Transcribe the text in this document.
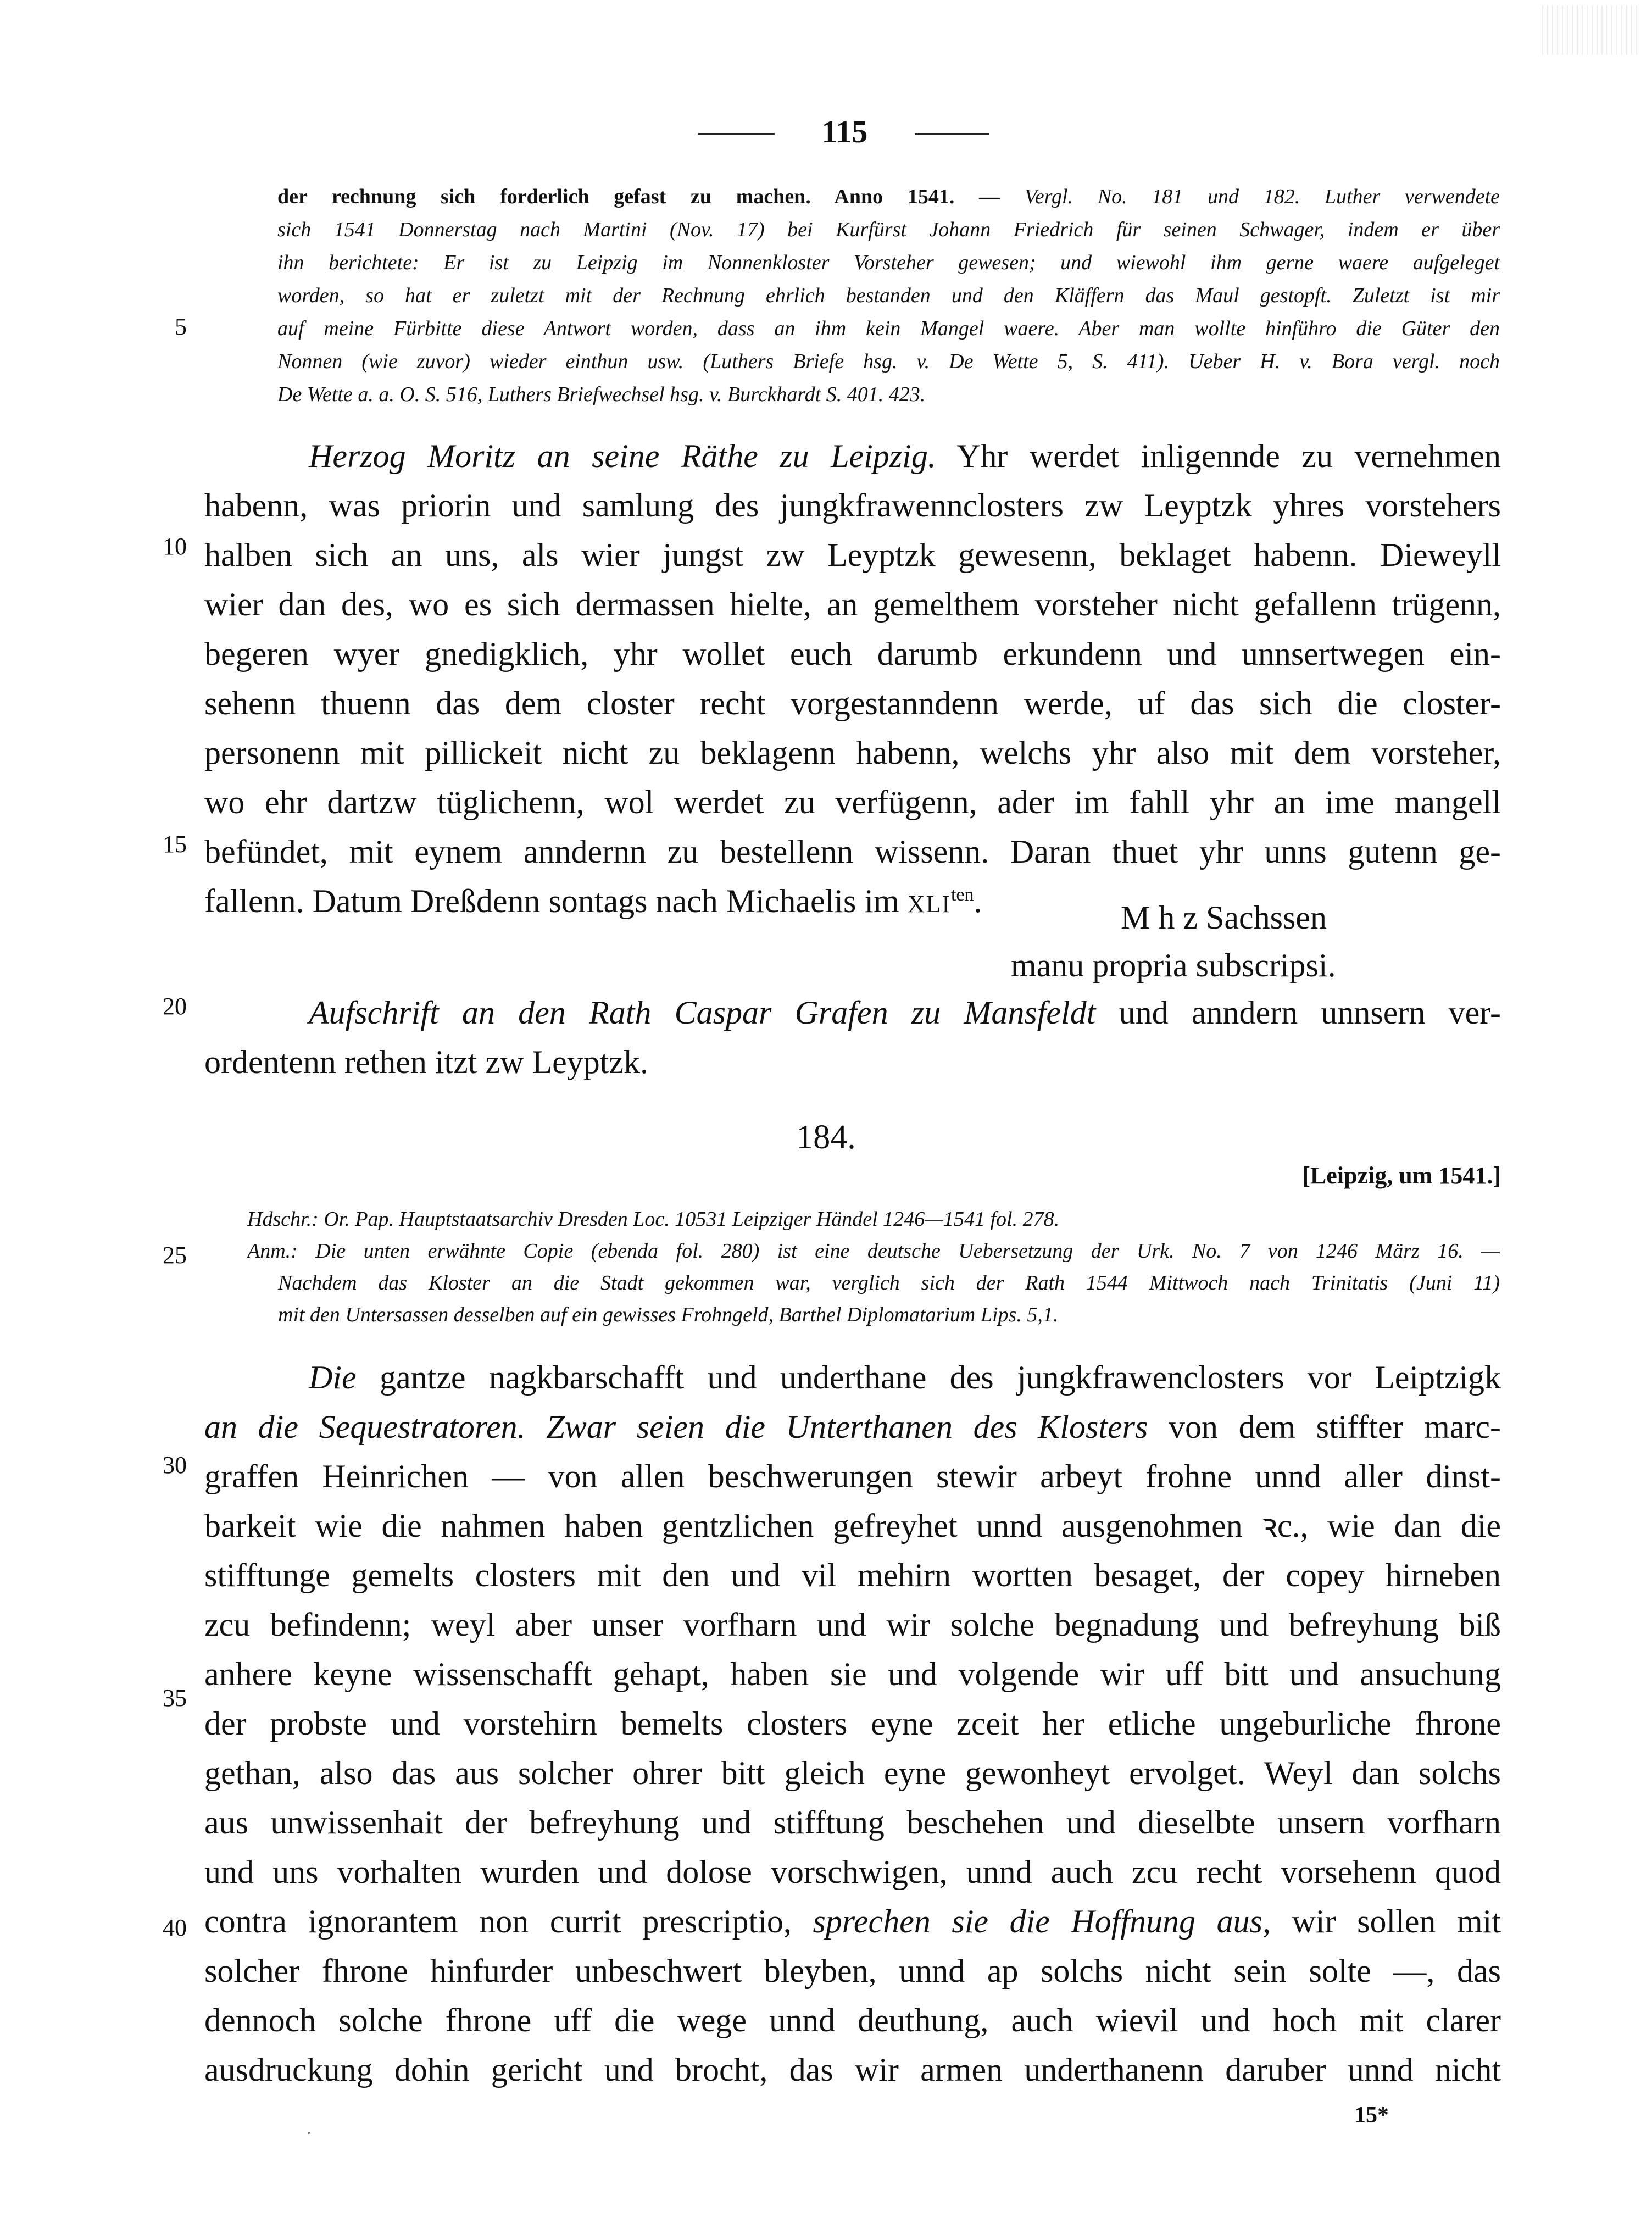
115
5
10
15
20
25
30
35
40

der rechnung sich forderlich gefast zu machen. Anno 1541. — Vergl. No. 181 und 182. Luther verwendete

sich 1541 Donnerstag nach Martini (Nov. 17) bei Kurfürst Johann Friedrich für seinen Schwager, indem er über

ihn berichtete: Er ist zu Leipzig im Nonnenkloster Vorsteher gewesen; und wiewohl ihm gerne waere aufgeleget

worden, so hat er zuletzt mit der Rechnung ehrlich bestanden und den Kläffern das Maul gestopft. Zuletzt ist mir

auf meine Fürbitte diese Antwort worden, dass an ihm kein Mangel waere. Aber man wollte hinführo die Güter den

Nonnen (wie zuvor) wieder einthun usw. (Luthers Briefe hsg. v. De Wette 5, S. 411). Ueber H. v. Bora vergl. noch

De Wette a. a. O. S. 516, Luthers Briefwechsel hsg. v. Burckhardt S. 401. 423.

Herzog Moritz an seine Räthe zu Leipzig. Yhr werdet inligennde zu vernehmen

habenn, was priorin und samlung des jungkfrawennclosters zw Leyptzk yhres vorstehers

halben sich an uns, als wier jungst zw Leyptzk gewesenn, beklaget habenn. Dieweyll

wier dan des, wo es sich dermassen hielte, an gemelthem vorsteher nicht gefallenn trügenn,

begeren wyer gnedigklich, yhr wollet euch darumb erkundenn und unnsertwegen ein-

sehenn thuenn das dem closter recht vorgestanndenn werde, uf das sich die closter-

personenn mit pillickeit nicht zu beklagenn habenn, welchs yhr also mit dem vorsteher,

wo ehr dartzw tüglichenn, wol werdet zu verfügenn, ader im fahll yhr an ime mangell

befündet, mit eynem anndernn zu bestellenn wissenn. Daran thuet yhr unns gutenn ge-

fallenn. Datum Dreßdenn sontags nach Michaelis im $XLI^{ten}$.	M h z Sachssen
manu propria subscripsi.

Aufschrift an den Rath Caspar Grafen zu Mansfeldt und anndern unnsern ver-

ordentenn rethen itzt zw Leyptzk.

184.
[Leipzig, um 1541.]

Hdschr.: Or. Pap. Hauptstaatsarchiv Dresden Loc. 10531 Leipziger Händel 1246—1541 fol. 278.

Anm.: Die unten erwähnte Copie (ebenda fol. 280) ist eine deutsche Uebersetzung der Urk. No. 7 von 1246 März 16. —

Nachdem das Kloster an die Stadt gekommen war, verglich sich der Rath 1544 Mittwoch nach Trinitatis (Juni 11)

mit den Untersassen desselben auf ein gewisses Frohngeld, Barthel Diplomatarium Lips. 5,1.

Die gantze nagkbarschafft und underthane des jungkfrawenclosters vor Leiptzigk

an die Sequestratoren. Zwar seien die Unterthanen des Klosters von dem stiffter marc-

graffen Heinrichen — von allen beschwerungen stewir arbeyt frohne unnd aller dinst-

barkeit wie die nahmen haben gentzlichen gefreyhet unnd ausgenohmen ꝛc., wie dan die

stifftunge gemelts closters mit den und vil mehirn wortten besaget, der copey hirneben

zcu befindenn; weyl aber unser vorfharn und wir solche begnadung und befreyhung biß

anhere keyne wissenschafft gehapt, haben sie und volgende wir uff bitt und ansuchung

der probste und vorstehirn bemelts closters eyne zceit her etliche ungeburliche fhrone

gethan, also das aus solcher ohrer bitt gleich eyne gewonheyt ervolget. Weyl dan solchs

aus unwissenhait der befreyhung und stifftung beschehen und dieselbte unsern vorfharn

und uns vorhalten wurden und dolose vorschwigen, unnd auch zcu recht vorsehenn quod

contra ignorantem non currit prescriptio, sprechen sie die Hoffnung aus, wir sollen mit

solcher fhrone hinfurder unbeschwert bleyben, unnd ap solchs nicht sein solte —, das

dennoch solche fhrone uff die wege unnd deuthung, auch wievil und hoch mit clarer

ausdruckung dohin gericht und brocht, das wir armen underthanenn daruber unnd nicht

15*
